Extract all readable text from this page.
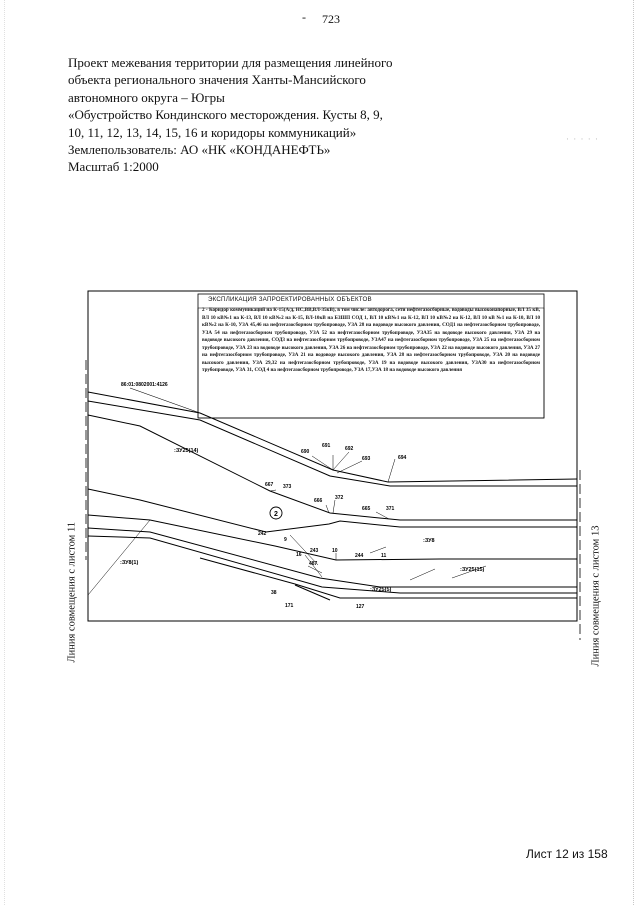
- 723
Проект межевания территории для размещения линейного
объекта регионального значения Ханты-Мансийского
автономного округа – Югры
«Обустройство Кондинского месторождения. Кусты 8, 9,
10, 11, 12, 13, 14, 15, 16 и коридоры коммуникаций»
Землепользователь: АО «НК «КОНДАНЕФТЬ»
Масштаб 1:2000
· · · · ·
2
86:01:0802001:4126
:ЗУ25(14)
:ЗУ8
:ЗУ8(1)
:ЗУ25(15)
:ЗУ25(5)
690
691	692
693	694
667 373
666	372
665	371
242
9
243	10
244	11
16
487
38
171	127
ЭКСПЛИКАЦИЯ ЗАПРОЕКТИРОВАННЫХ ОБЪЕКТОВ
2 - Коридор коммуникаций на К-15(А/д, НС,ВВ,ВЛ-35кВ), в том числе: автодорога, сети нефтегазосборные, водоводы высоконапорные, ВЛ 35 кВ, ВЛ 10 кВ№1 на К-13, ВЛ 10 кВ№2 на К-15, ВЛ-10кВ на БЗШП СОД 1, ВЛ 10 кВ№1 на К-12, ВЛ 10 кВ№2 на К-12, ВЛ 10 кВ №1 на К-10, ВЛ 10 кВ№2 на К-10, УЗА 45,46 на нефтегазосборном трубопроводе, УЗА 28 на водоводе высокого давления, СОД1 на нефтегазосборном трубопроводе, УЗА 54 на нефтегазосборном трубопроводе, УЗА 52 на нефтегазосборном трубопроводе, УЗА35 на водоводе высокого давления, УЗА 29 на водоводе высокого давления, СОД3 на нефтегазосборном трубопроводе, УЗА47 на нефтегазосборном трубопроводе, УЗА 25 на нефтегазосборном трубопроводе, УЗА 23 на водоводе высокого давления, УЗА 26 на нефтегазосборном трубопроводе, УЗА 22 на водоводе высокого давления, УЗА 27 на нефтегазосборном трубопроводе, УЗА 21 на водоводе высокого давления, УЗА 28 на нефтегазосборном трубопроводе, УЗА 20 на водоводе высокого давления, УЗА 29,32 на нефтегазосборном трубопроводе, УЗА 19 на водоводе высокого давления, УЗА30 на нефтегазосборном трубопроводе, УЗА 31, СОД 4 на нефтегазосборном трубопроводе, УЗА 17,УЗА 18 на водоводе высокого давления
Линия совмещения с листом 11	Линия совмещения с листом 13
Лист 12 из 158
